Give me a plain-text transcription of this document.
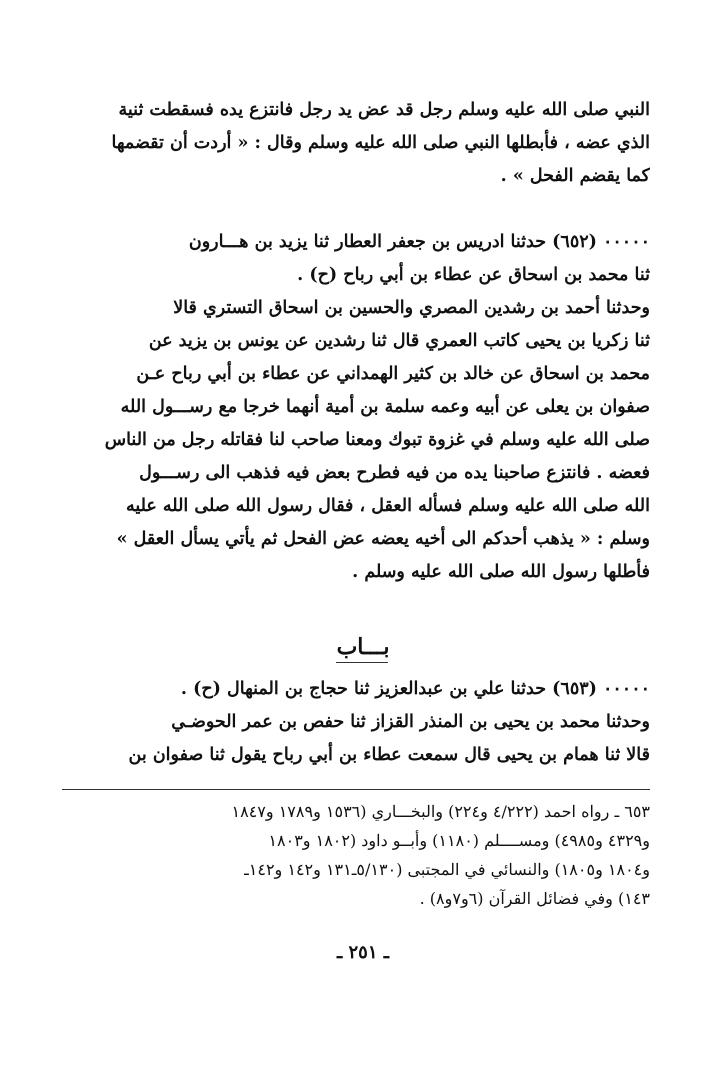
النبي صلى الله عليه وسلم رجل قد عض يد رجل فانتزع يده فسقطت ثنية
الذي عضه ، فأبطلها النبي صلى الله عليه وسلم وقال : « أردت أن تقضمها
كما يقضم الفحل » .
٠٠٠٠٠ (٦٥٢) حدثنا ادريس بن جعفر العطار ثنا يزيد بن هـــارون
ثنا محمد بن اسحاق عن عطاء بن أبي رباح (ح) .
وحدثنا أحمد بن رشدين المصري والحسين بن اسحاق التستري قالا
ثنا زكريا بن يحيى كاتب العمري قال ثنا رشدين عن يونس بن يزيد عن
محمد بن اسحاق عن خالد بن كثير الهمداني عن عطاء بن أبي رباح عـن
صفوان بن يعلى عن أبيه وعمه سلمة بن أمية أنهما خرجا مع رســـول الله
صلى الله عليه وسلم في غزوة تبوك ومعنا صاحب لنا فقاتله رجل من الناس
فعضه . فانتزع صاحبنا يده من فيه فطرح بعض فيه فذهب الى رســـول
الله صلى الله عليه وسلم فسأله العقل ، فقال رسول الله صلى الله عليه
وسلم : « يذهب أحدكم الى أخيه يعضه عض الفحل ثم يأتي يسأل العقل »
فأطلها رسول الله صلى الله عليه وسلم .
بـــاب
٠٠٠٠٠ (٦٥٣) حدثنا علي بن عبدالعزيز ثنا حجاج بن المنهال (ح) .
وحدثنا محمد بن يحيى بن المنذر القزاز ثنا حفص بن عمر الحوضـي
قالا ثنا همام بن يحيى قال سمعت عطاء بن أبي رباح يقول ثنا صفوان بن
٦٥٣ ـ رواه احمد (٤/٢٢٢ و٢٢٤) والبخـــاري (١٥٣٦ و١٧٨٩ و١٨٤٧
و٤٣٢٩ و٤٩٨٥) ومســــلم (١١٨٠) وأبــو داود (١٨٠٢ و١٨٠٣
و١٨٠٤ و١٨٠٥) والنسائي في المجتبى (٥/١٣٠ـ١٣١ و١٤٢ و١٤٢ـ
١٤٣) وفي فضائل القرآن (٦و٧و٨) .
ـ ٢٥١ ـ
